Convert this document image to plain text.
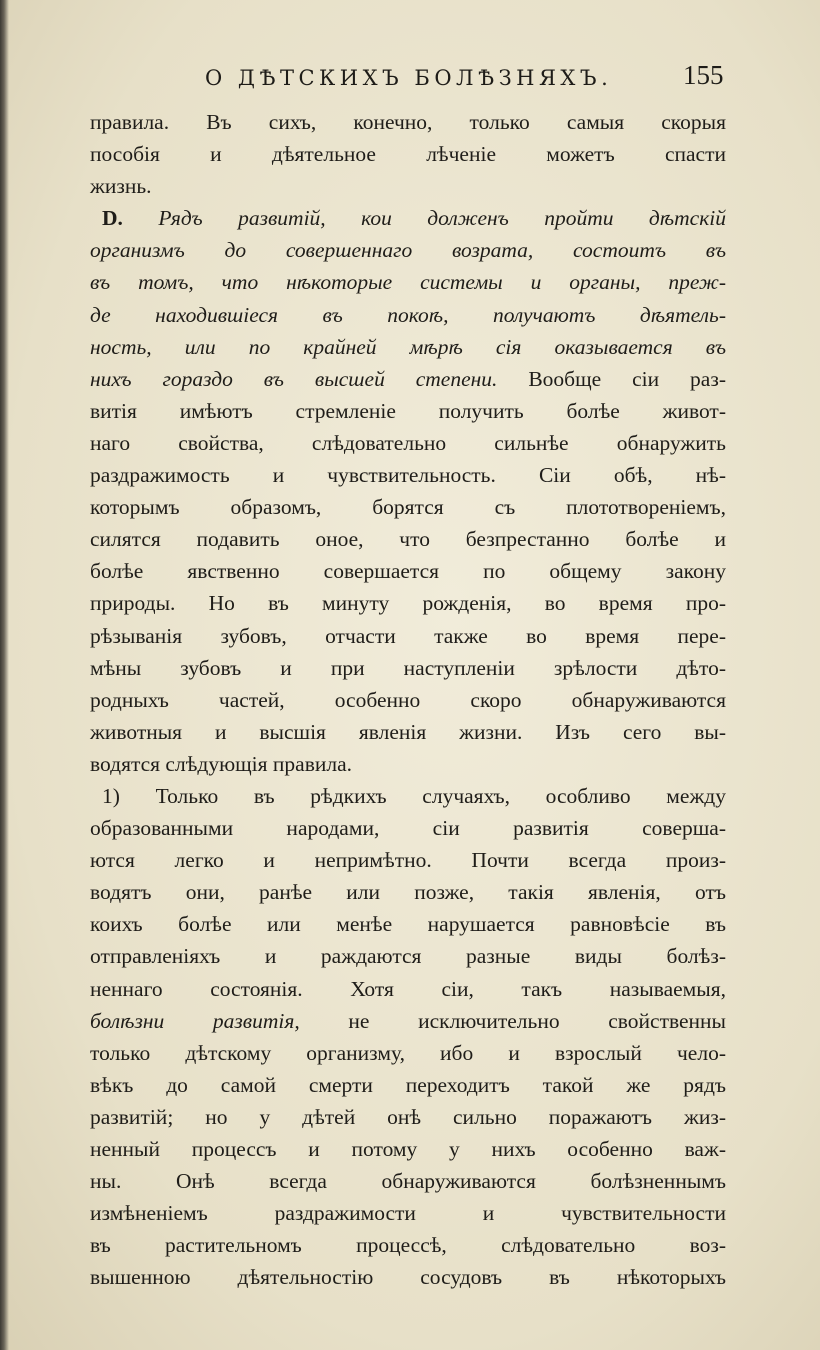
О ДѢТСКИХЪ БОЛѢЗНЯХЪ.	155
правила. Въ сихъ, конечно, только самыя скорыя
пособія и дѣятельное лѣченіе можетъ спасти
жизнь.
D. Рядъ развитій, кои долженъ пройти дѣтскій
организмъ до совершеннаго возрата, состоитъ въ
въ томъ, что нѣкоторые системы и органы, преж-
де находившіеся въ покоѣ, получаютъ дѣятель-
ность, или по крайней мѣрѣ сія оказывается въ
нихъ гораздо въ высшей степени. Вообще сіи раз-
витія имѣютъ стремленіе получить болѣе живот-
наго свойства, слѣдовательно сильнѣе обнаружить
раздражимость и чувствительность. Сіи обѣ, нѣ-
которымъ образомъ, борятся съ плототвореніемъ,
силятся подавить оное, что безпрестанно болѣе и
болѣе явственно совершается по общему закону
природы. Но въ минуту рожденія, во время про-
рѣзыванія зубовъ, отчасти также во время пере-
мѣны зубовъ и при наступленіи зрѣлости дѣто-
родныхъ частей, особенно скоро обнаруживаются
животныя и высшія явленія жизни. Изъ сего вы-
водятся слѣдующія правила.
1) Только въ рѣдкихъ случаяхъ, особливо между
образованными народами, сіи развитія соверша-
ются легко и непримѣтно. Почти всегда произ-
водятъ они, ранѣе или позже, такія явленія, отъ
коихъ болѣе или менѣе нарушается равновѣсіе въ
отправленіяхъ и раждаются разные виды болѣз-
неннаго состоянія. Хотя сіи, такъ называемыя,
болѣзни развитія, не исключительно свойственны
только дѣтскому организму, ибо и взрослый чело-
вѣкъ до самой смерти переходитъ такой же рядъ
развитій; но у дѣтей онѣ сильно поражаютъ жиз-
ненный процессъ и потому у нихъ особенно важ-
ны. Онѣ всегда обнаруживаются болѣзненнымъ
измѣненіемъ раздражимости и чувствительности
въ растительномъ процессѣ, слѣдовательно воз-
вышенною дѣятельностію сосудовъ въ нѣкоторыхъ
